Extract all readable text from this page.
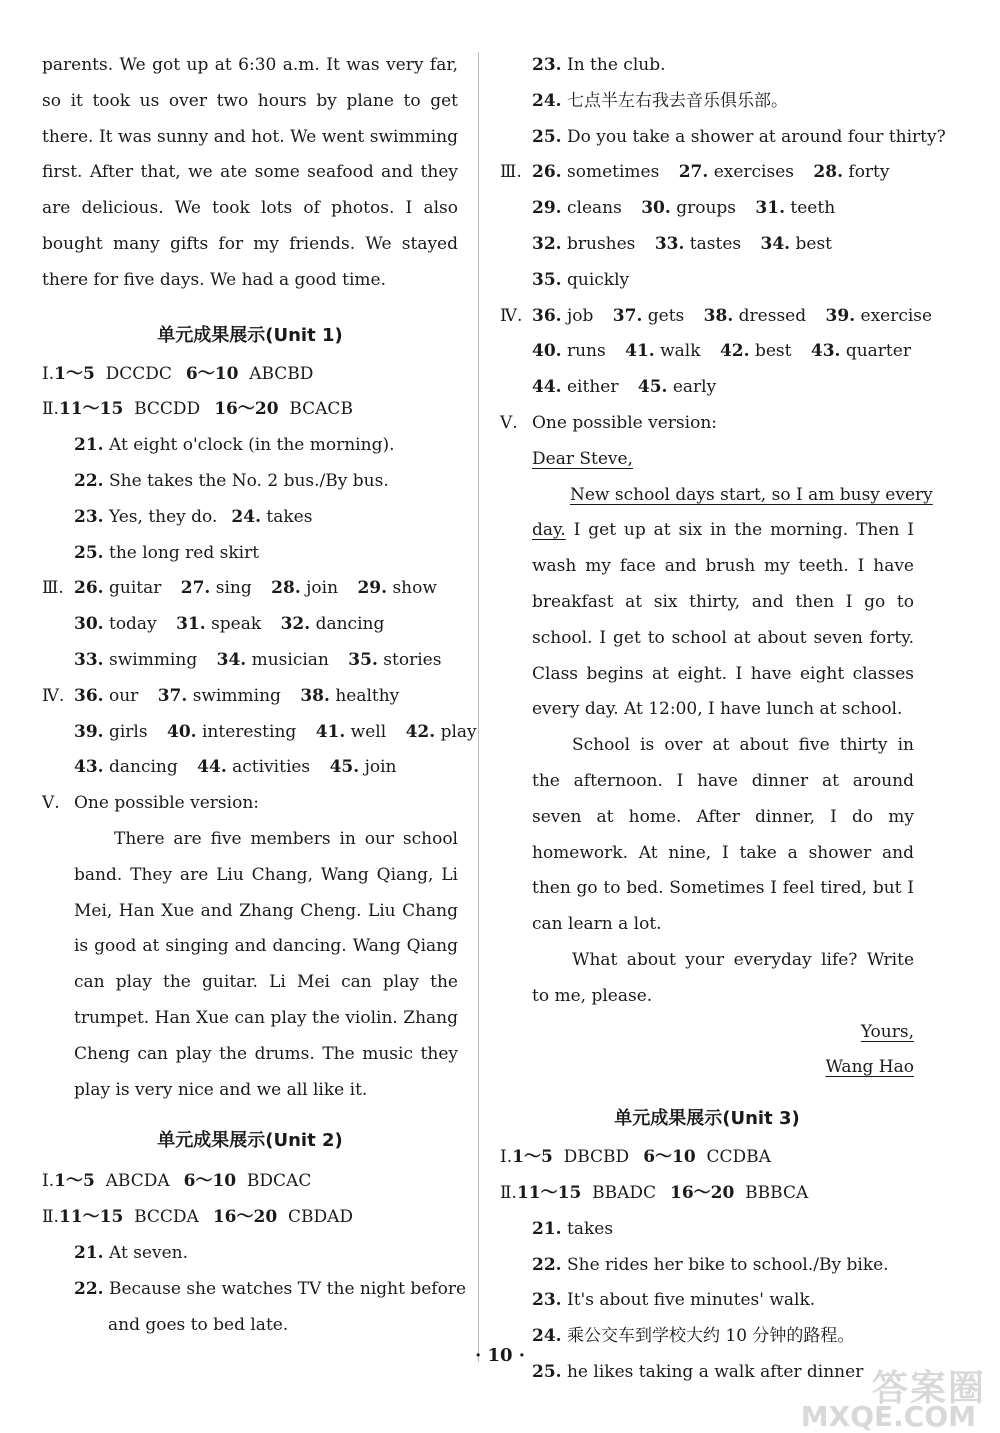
parents. We got up at 6:30 a.m. It was very far, so it took us over two hours by plane to get there. It was sunny and hot. We went swimming first. After that, we ate some seafood and they are delicious. We took lots of photos. I also bought many gifts for my friends. We stayed there for five days. We had a good time.

单元成果展示(Unit 1)

Ⅰ.1～5 DCCDC 6～10 ABCBD

Ⅱ.11～15 BCCDD 16～20 BCACB

21. At eight o'clock (in the morning).

22. She takes the No. 2 bus./By bus.

23. Yes, they do. 24. takes

25. the long red skirt

Ⅲ. 26. guitar 27. sing 28. join 29. show

30. today 31. speak 32. dancing

33. swimming 34. musician 35. stories

Ⅳ. 36. our 37. swimming 38. healthy

39. girls 40. interesting 41. well 42. play

43. dancing 44. activities 45. join

Ⅴ. One possible version:

There are five members in our school band. They are Liu Chang, Wang Qiang, Li Mei, Han Xue and Zhang Cheng. Liu Chang is good at singing and dancing. Wang Qiang can play the guitar. Li Mei can play the trumpet. Han Xue can play the violin. Zhang Cheng can play the drums. The music they play is very nice and we all like it.

单元成果展示(Unit 2)

Ⅰ.1～5 ABCDA 6～10 BDCAC

Ⅱ.11～15 BCCDA 16～20 CBDAD

21. At seven.

22. Because she watches TV the night before

and goes to bed late.

23. In the club.

24. 七点半左右我去音乐俱乐部。

25. Do you take a shower at around four thirty?

Ⅲ. 26. sometimes 27. exercises 28. forty

29. cleans 30. groups 31. teeth

32. brushes 33. tastes 34. best

35. quickly

Ⅳ. 36. job 37. gets 38. dressed 39. exercise

40. runs 41. walk 42. best 43. quarter

44. either 45. early

Ⅴ. One possible version:

Dear Steve,

New school days start, so I am busy every

day. I get up at six in the morning. Then I wash my face and brush my teeth. I have breakfast at six thirty, and then I go to school. I get to school at about seven forty. Class begins at eight. I have eight classes every day. At 12:00, I have lunch at school.

School is over at about five thirty in the afternoon. I have dinner at around seven at home. After dinner, I do my homework. At nine, I take a shower and then go to bed. Sometimes I feel tired, but I can learn a lot.

What about your everyday life? Write to me, please.

Yours,

Wang Hao

单元成果展示(Unit 3)

Ⅰ.1～5 DBCBD 6～10 CCDBA

Ⅱ.11～15 BBADC 16～20 BBBCA

21. takes

22. She rides her bike to school./By bike.

23. It's about five minutes' walk.

24. 乘公交车到学校大约 10 分钟的路程。

25. he likes taking a walk after dinner

· 10 ·
答案圈
MXQE.COM
